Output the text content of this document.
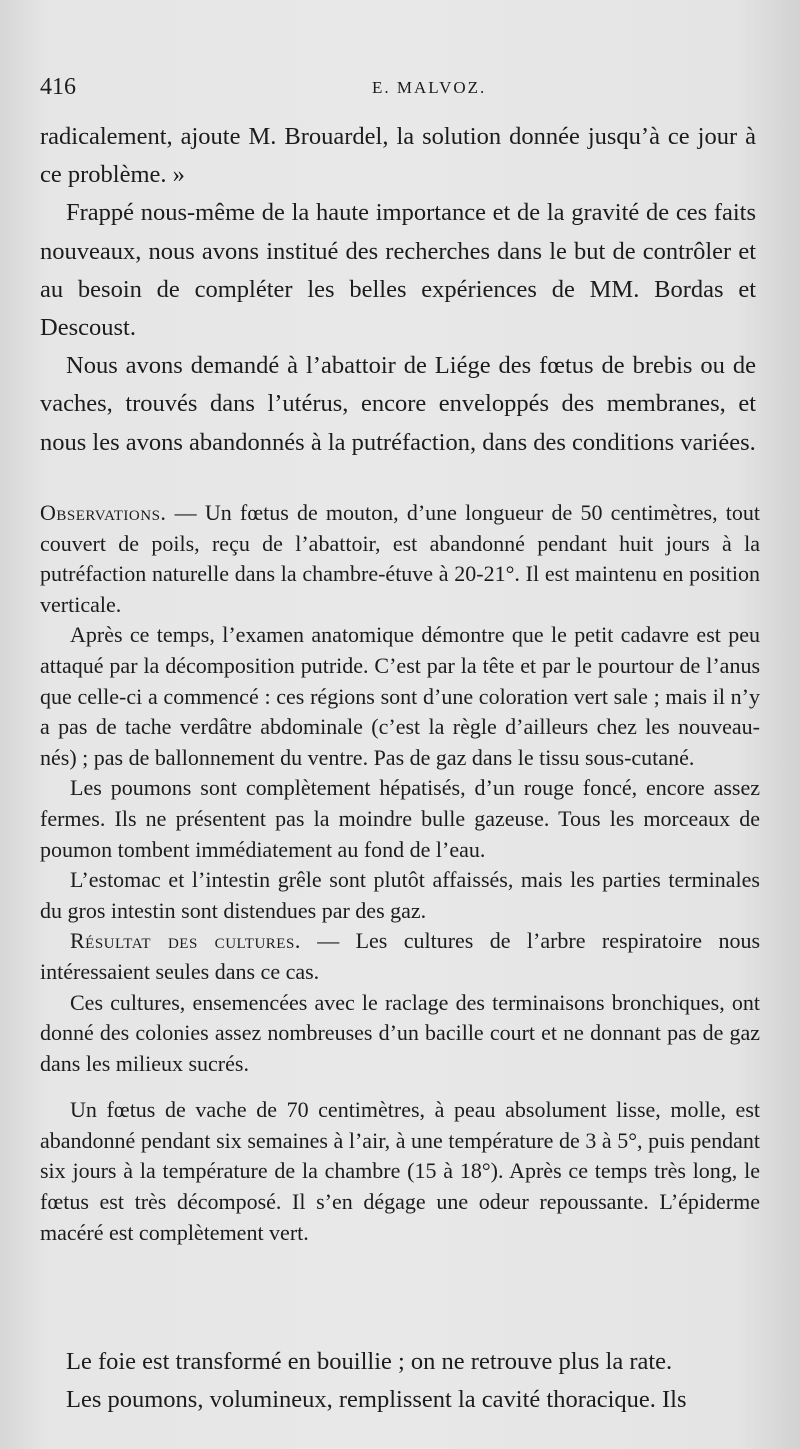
416	E. MALVOZ.

radicalement, ajoute M. Brouardel, la solution donnée jusqu’à ce jour à ce problème. »

Frappé nous-même de la haute importance et de la gravité de ces faits nouveaux, nous avons institué des recherches dans le but de contrôler et au besoin de compléter les belles expériences de MM. Bordas et Descoust.

Nous avons demandé à l’abattoir de Liége des fœtus de brebis ou de vaches, trouvés dans l’utérus, encore enveloppés des membranes, et nous les avons abandonnés à la putréfaction, dans des conditions variées.

Observations. — Un fœtus de mouton, d’une longueur de 50 centimètres, tout couvert de poils, reçu de l’abattoir, est abandonné pendant huit jours à la putréfaction naturelle dans la chambre-étuve à 20-21°. Il est maintenu en position verticale.

Après ce temps, l’examen anatomique démontre que le petit cadavre est peu attaqué par la décomposition putride. C’est par la tête et par le pourtour de l’anus que celle-ci a commencé : ces régions sont d’une coloration vert sale ; mais il n’y a pas de tache verdâtre abdominale (c’est la règle d’ailleurs chez les nouveau-nés) ; pas de ballonnement du ventre. Pas de gaz dans le tissu sous-cutané.

Les poumons sont complètement hépatisés, d’un rouge foncé, encore assez fermes. Ils ne présentent pas la moindre bulle gazeuse. Tous les morceaux de poumon tombent immédiatement au fond de l’eau.

L’estomac et l’intestin grêle sont plutôt affaissés, mais les parties terminales du gros intestin sont distendues par des gaz.

Résultat des cultures. — Les cultures de l’arbre respiratoire nous intéressaient seules dans ce cas.

Ces cultures, ensemencées avec le raclage des terminaisons bronchiques, ont donné des colonies assez nombreuses d’un bacille court et ne donnant pas de gaz dans les milieux sucrés.

Un fœtus de vache de 70 centimètres, à peau absolument lisse, molle, est abandonné pendant six semaines à l’air, à une température de 3 à 5°, puis pendant six jours à la température de la chambre (15 à 18°). Après ce temps très long, le fœtus est très décomposé. Il s’en dégage une odeur repoussante. L’épiderme macéré est complètement vert.

Le foie est transformé en bouillie ; on ne retrouve plus la rate.

Les poumons, volumineux, remplissent la cavité thoracique. Ils
